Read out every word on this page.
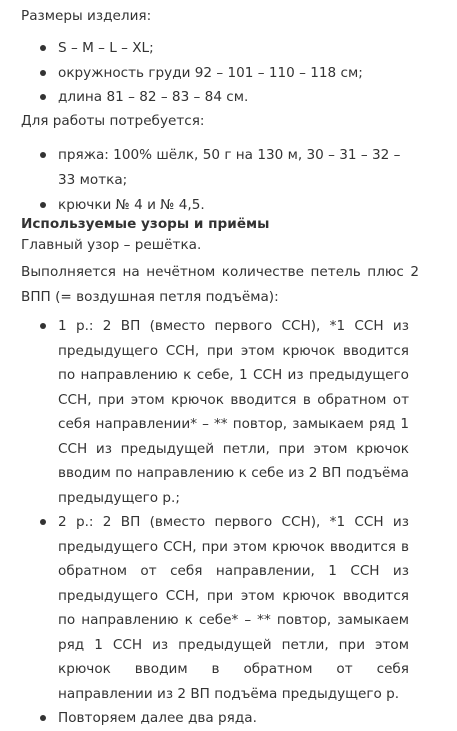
Размеры изделия:

S – M – L – XL;
окружность груди 92 – 101 – 110 – 118 см;
длина 81 – 82 – 83 – 84 см.

Для работы потребуется:

пряжа: 100% шёлк, 50 г на 130 м, 30 – 31 – 32 – 33 мотка;
крючки № 4 и № 4,5.

Используемые узоры и приёмы

Главный узор – решётка.

Выполняется на нечётном количестве петель плюс 2 ВПП (= воздушная петля подъёма):

1 р.: 2 ВП (вместо первого ССН), *1 ССН из предыдущего ССН, при этом крючок вводится по направлению к себе, 1 ССН из предыдущего ССН, при этом крючок вводится в обратном от себя направлении* – ** повтор, замыкаем ряд 1 ССН из предыдущей петли, при этом крючок вводим по направлению к себе из 2 ВП подъёма предыдущего р.;
2 р.: 2 ВП (вместо первого ССН), *1 ССН из предыдущего ССН, при этом крючок вводится в обратном от себя направлении, 1 ССН из предыдущего ССН, при этом крючок вводится по направлению к себе* – ** повтор, замыкаем ряд 1 ССН из предыдущей петли, при этом крючок вводим в обратном от себя направлении из 2 ВП подъёма предыдущего р.
Повторяем далее два ряда.
